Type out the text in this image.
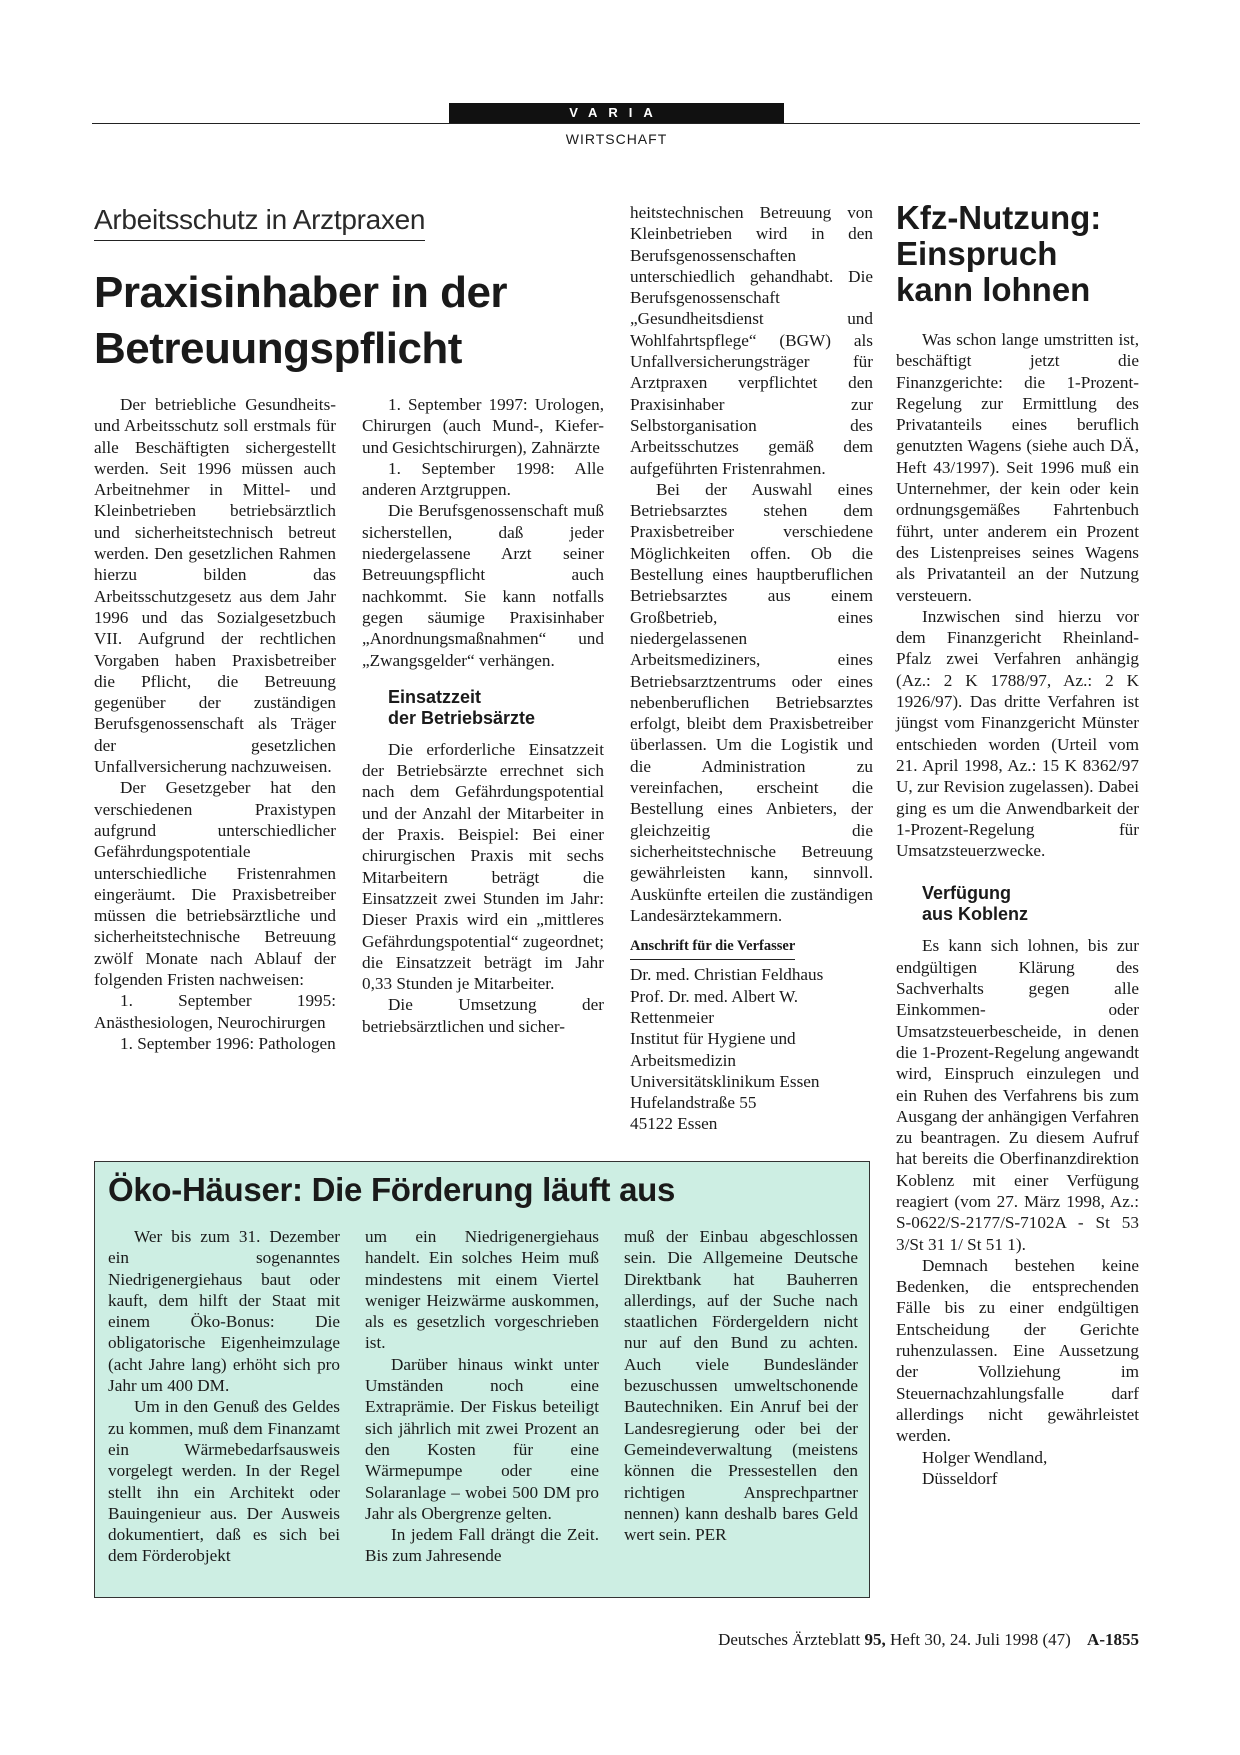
VARIA
WIRTSCHAFT
Arbeitsschutz in Arztpraxen
Praxisinhaber in der
Betreuungspflicht

Der betriebliche Gesundheits- und Arbeitsschutz soll erstmals für alle Beschäftigten sichergestellt werden. Seit 1996 müssen auch Arbeitnehmer in Mittel- und Kleinbetrieben betriebsärztlich und sicherheitstechnisch betreut werden. Den gesetzlichen Rahmen hierzu bilden das Arbeitsschutzgesetz aus dem Jahr 1996 und das Sozialgesetzbuch VII. Aufgrund der rechtlichen Vorgaben haben Praxisbetreiber die Pflicht, die Betreuung gegenüber der zuständigen Berufsgenossenschaft als Träger der gesetzlichen Unfallversicherung nachzuweisen.

Der Gesetzgeber hat den verschiedenen Praxistypen aufgrund unterschiedlicher Gefährdungspotentiale unterschiedliche Fristenrahmen eingeräumt. Die Praxisbetreiber müssen die betriebsärztliche und sicherheitstechnische Betreuung zwölf Monate nach Ablauf der folgenden Fristen nachweisen:

1. September 1995: Anästhesiologen, Neurochirurgen

1. September 1996: Pathologen

1. September 1997: Urologen, Chirurgen (auch Mund-, Kiefer- und Gesichtschirurgen), Zahnärzte

1. September 1998: Alle anderen Arztgruppen.

Die Berufsgenossenschaft muß sicherstellen, daß jeder niedergelassene Arzt seiner Betreuungspflicht auch nachkommt. Sie kann notfalls gegen säumige Praxisinhaber „Anordnungsmaßnahmen“ und „Zwangsgelder“ verhängen.

Einsatzzeit
der Betriebsärzte

Die erforderliche Einsatzzeit der Betriebsärzte errechnet sich nach dem Gefährdungspotential und der Anzahl der Mitarbeiter in der Praxis. Beispiel: Bei einer chirurgischen Praxis mit sechs Mitarbeitern beträgt die Einsatzzeit zwei Stunden im Jahr: Dieser Praxis wird ein „mittleres Gefährdungspotential“ zugeordnet; die Einsatzzeit beträgt im Jahr 0,33 Stunden je Mitarbeiter.

Die Umsetzung der betriebsärztlichen und sicher-

heitstechnischen Betreuung von Kleinbetrieben wird in den Berufsgenossenschaften unterschiedlich gehandhabt. Die Berufsgenossenschaft „Gesundheitsdienst und Wohlfahrtspflege“ (BGW) als Unfallversicherungsträger für Arztpraxen verpflichtet den Praxisinhaber zur Selbstorganisation des Arbeitsschutzes gemäß dem aufgeführten Fristenrahmen.

Bei der Auswahl eines Betriebsarztes stehen dem Praxisbetreiber verschiedene Möglichkeiten offen. Ob die Bestellung eines hauptberuflichen Betriebsarztes aus einem Großbetrieb, eines niedergelassenen Arbeitsmediziners, eines Betriebsarztzentrums oder eines nebenberuflichen Betriebsarztes erfolgt, bleibt dem Praxisbetreiber überlassen. Um die Logistik und die Administration zu vereinfachen, erscheint die Bestellung eines Anbieters, der gleichzeitig die sicherheitstechnische Betreuung gewährleisten kann, sinnvoll. Auskünfte erteilen die zuständigen Landesärztekammern.

Anschrift für die Verfasser
Dr. med. Christian Feldhaus
Prof. Dr. med. Albert W.
Rettenmeier
Institut für Hygiene und
Arbeitsmedizin
Universitätsklinikum Essen
Hufelandstraße 55
45122 Essen
Kfz-Nutzung:
Einspruch
kann lohnen

Was schon lange umstritten ist, beschäftigt jetzt die Finanzgerichte: die 1-Prozent-Regelung zur Ermittlung des Privatanteils eines beruflich genutzten Wagens (siehe auch DÄ, Heft 43/1997). Seit 1996 muß ein Unternehmer, der kein oder kein ordnungsgemäßes Fahrtenbuch führt, unter anderem ein Prozent des Listenpreises seines Wagens als Privatanteil an der Nutzung versteuern.

Inzwischen sind hierzu vor dem Finanzgericht Rheinland-Pfalz zwei Verfahren anhängig (Az.: 2 K 1788/97, Az.: 2 K 1926/97). Das dritte Verfahren ist jüngst vom Finanzgericht Münster entschieden worden (Urteil vom 21. April 1998, Az.: 15 K 8362/97 U, zur Revision zugelassen). Dabei ging es um die Anwendbarkeit der 1-Prozent-Regelung für Umsatzsteuerzwecke.

Verfügung
aus Koblenz

Es kann sich lohnen, bis zur endgültigen Klärung des Sachverhalts gegen alle Einkommen- oder Umsatzsteuerbescheide, in denen die 1-Prozent-Regelung angewandt wird, Einspruch einzulegen und ein Ruhen des Verfahrens bis zum Ausgang der anhängigen Verfahren zu beantragen. Zu diesem Aufruf hat bereits die Oberfinanzdirektion Koblenz mit einer Verfügung reagiert (vom 27. März 1998, Az.: S-0622/S-2177/S-7102A - St 53 3/St 31 1/ St 51 1).

Demnach bestehen keine Bedenken, die entsprechenden Fälle bis zu einer endgültigen Entscheidung der Gerichte ruhenzulassen. Eine Aussetzung der Vollziehung im Steuernachzahlungsfalle darf allerdings nicht gewährleistet werden.

Holger Wendland,

Düsseldorf

Öko-Häuser: Die Förderung läuft aus

Wer bis zum 31. Dezember ein sogenanntes Niedrigenergiehaus baut oder kauft, dem hilft der Staat mit einem Öko-Bonus: Die obligatorische Eigenheimzulage (acht Jahre lang) erhöht sich pro Jahr um 400 DM.

Um in den Genuß des Geldes zu kommen, muß dem Finanzamt ein Wärmebedarfsausweis vorgelegt werden. In der Regel stellt ihn ein Architekt oder Bauingenieur aus. Der Ausweis dokumentiert, daß es sich bei dem Förderobjekt

um ein Niedrigenergiehaus handelt. Ein solches Heim muß mindestens mit einem Viertel weniger Heizwärme auskommen, als es gesetzlich vorgeschrieben ist.

Darüber hinaus winkt unter Umständen noch eine Extraprämie. Der Fiskus beteiligt sich jährlich mit zwei Prozent an den Kosten für eine Wärmepumpe oder eine Solaranlage – wobei 500 DM pro Jahr als Obergrenze gelten.

In jedem Fall drängt die Zeit. Bis zum Jahresende

muß der Einbau abgeschlossen sein. Die Allgemeine Deutsche Direktbank hat Bauherren allerdings, auf der Suche nach staatlichen Fördergeldern nicht nur auf den Bund zu achten. Auch viele Bundesländer bezuschussen umweltschonende Bautechniken. Ein Anruf bei der Landesregierung oder bei der Gemeindeverwaltung (meistens können die Pressestellen den richtigen Ansprechpartner nennen) kann deshalb bares Geld wert sein. PER

Deutsches Ärzteblatt 95, Heft 30, 24. Juli 1998 (47) A-1855
